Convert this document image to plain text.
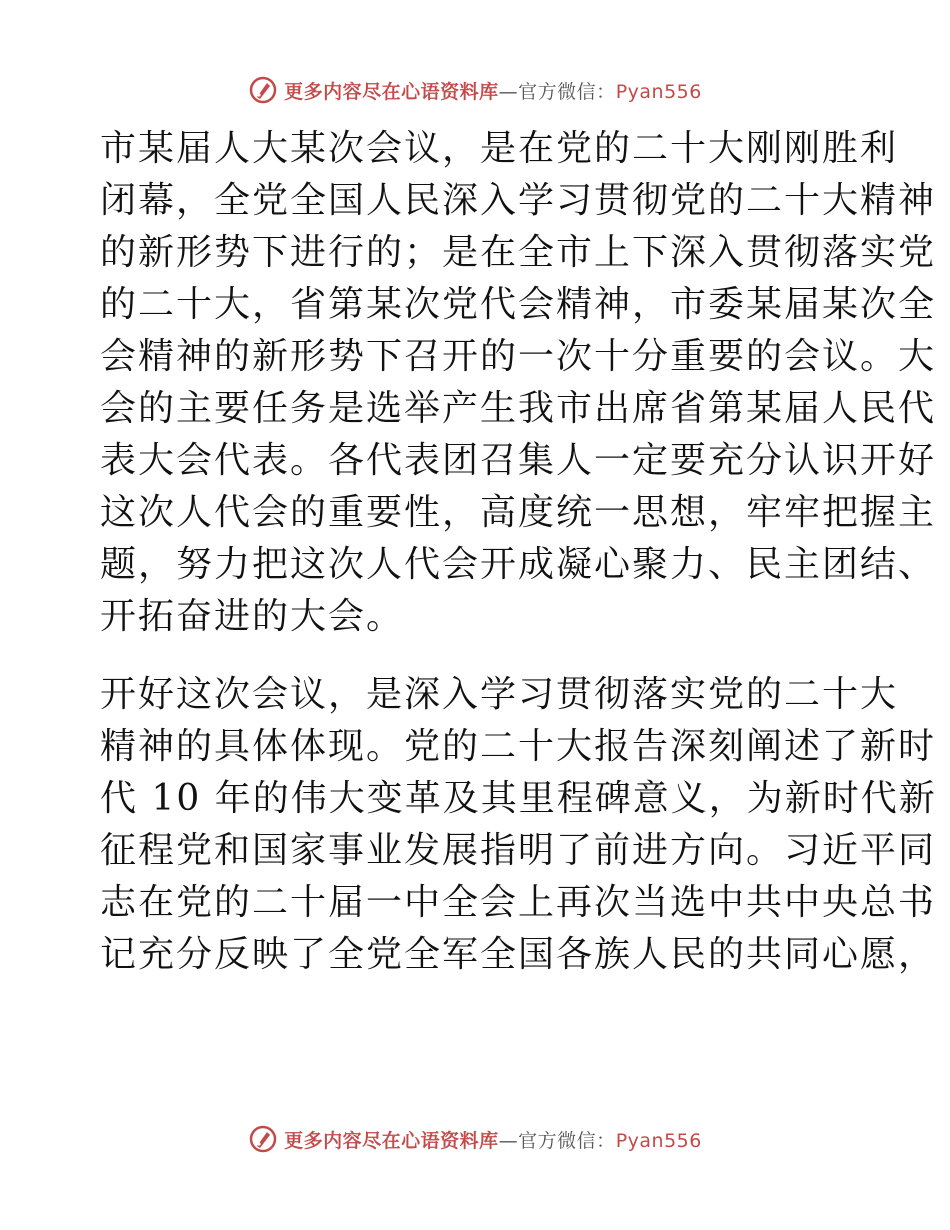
更多内容尽在心语资料库—官方微信：Pyan556
市某届人大某次会议，是在党的二十大刚刚胜利
闭幕，全党全国人民深入学习贯彻党的二十大精神
的新形势下进行的；是在全市上下深入贯彻落实党
的二十大，省第某次党代会精神，市委某届某次全
会精神的新形势下召开的一次十分重要的会议。大
会的主要任务是选举产生我市出席省第某届人民代
表大会代表。各代表团召集人一定要充分认识开好
这次人代会的重要性，高度统一思想，牢牢把握主
题，努力把这次人代会开成凝心聚力、民主团结、
开拓奋进的大会。
开好这次会议，是深入学习贯彻落实党的二十大
精神的具体体现。党的二十大报告深刻阐述了新时
代 10 年的伟大变革及其里程碑意义，为新时代新
征程党和国家事业发展指明了前进方向。习近平同
志在党的二十届一中全会上再次当选中共中央总书
记充分反映了全党全军全国各族人民的共同心愿，
更多内容尽在心语资料库—官方微信：Pyan556
